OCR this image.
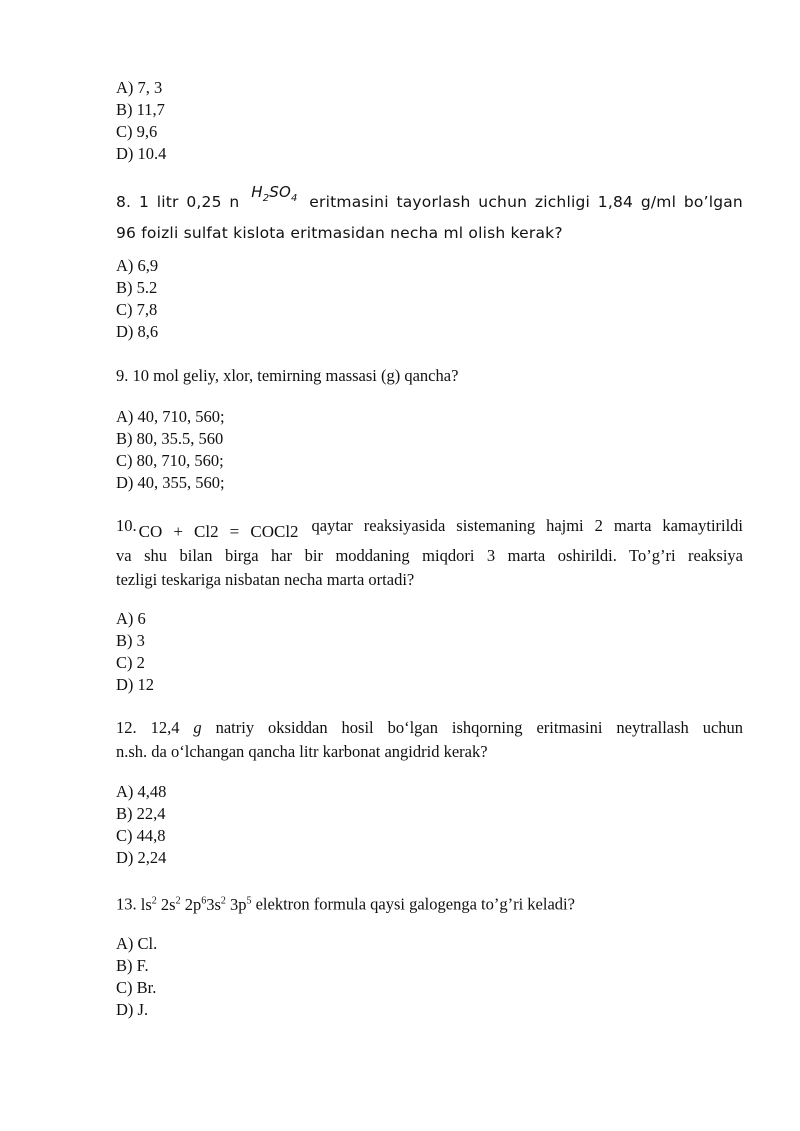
A) 7, 3
B) 11,7
C) 9,6
D) 10.4
8. 1 litr 0,25 n $H_2SO_4$ eritmasini tayorlash uchun zichligi 1,84 g/ml bo’lgan
96 foizli sulfat kislota eritmasidan necha ml olish kerak?
A) 6,9
B) 5.2
C) 7,8
D) 8,6
9. 10 mol geliy, xlor, temirning massasi (g) qancha?
A) 40, 710, 560;
B) 80, 35.5, 560
C) 80, 710, 560;
D) 40, 355, 560;
10. CO + Cl2 = COCl2 qaytar reaksiyasida sistemaning hajmi 2 marta kamaytirildi
va shu bilan birga har bir moddaning miqdori 3 marta oshirildi. To’g’ri reaksiya
tezligi teskariga nisbatan necha marta ortadi?
A) 6
B) 3
C) 2
D) 12
12. 12,4 g natriy oksiddan hosil bo‘lgan ishqorning eritmasini neytrallash uchun
n.sh. da o‘lchangan qancha litr karbonat angidrid kerak?
A) 4,48
B) 22,4
C) 44,8
D) 2,24
13. $ls^2$ $2s^2$ $2p^63s^2$ $3p^5$ elektron formula qaysi galogenga to’g’ri keladi?
A) Cl.
B) F.
C) Br.
D) J.
